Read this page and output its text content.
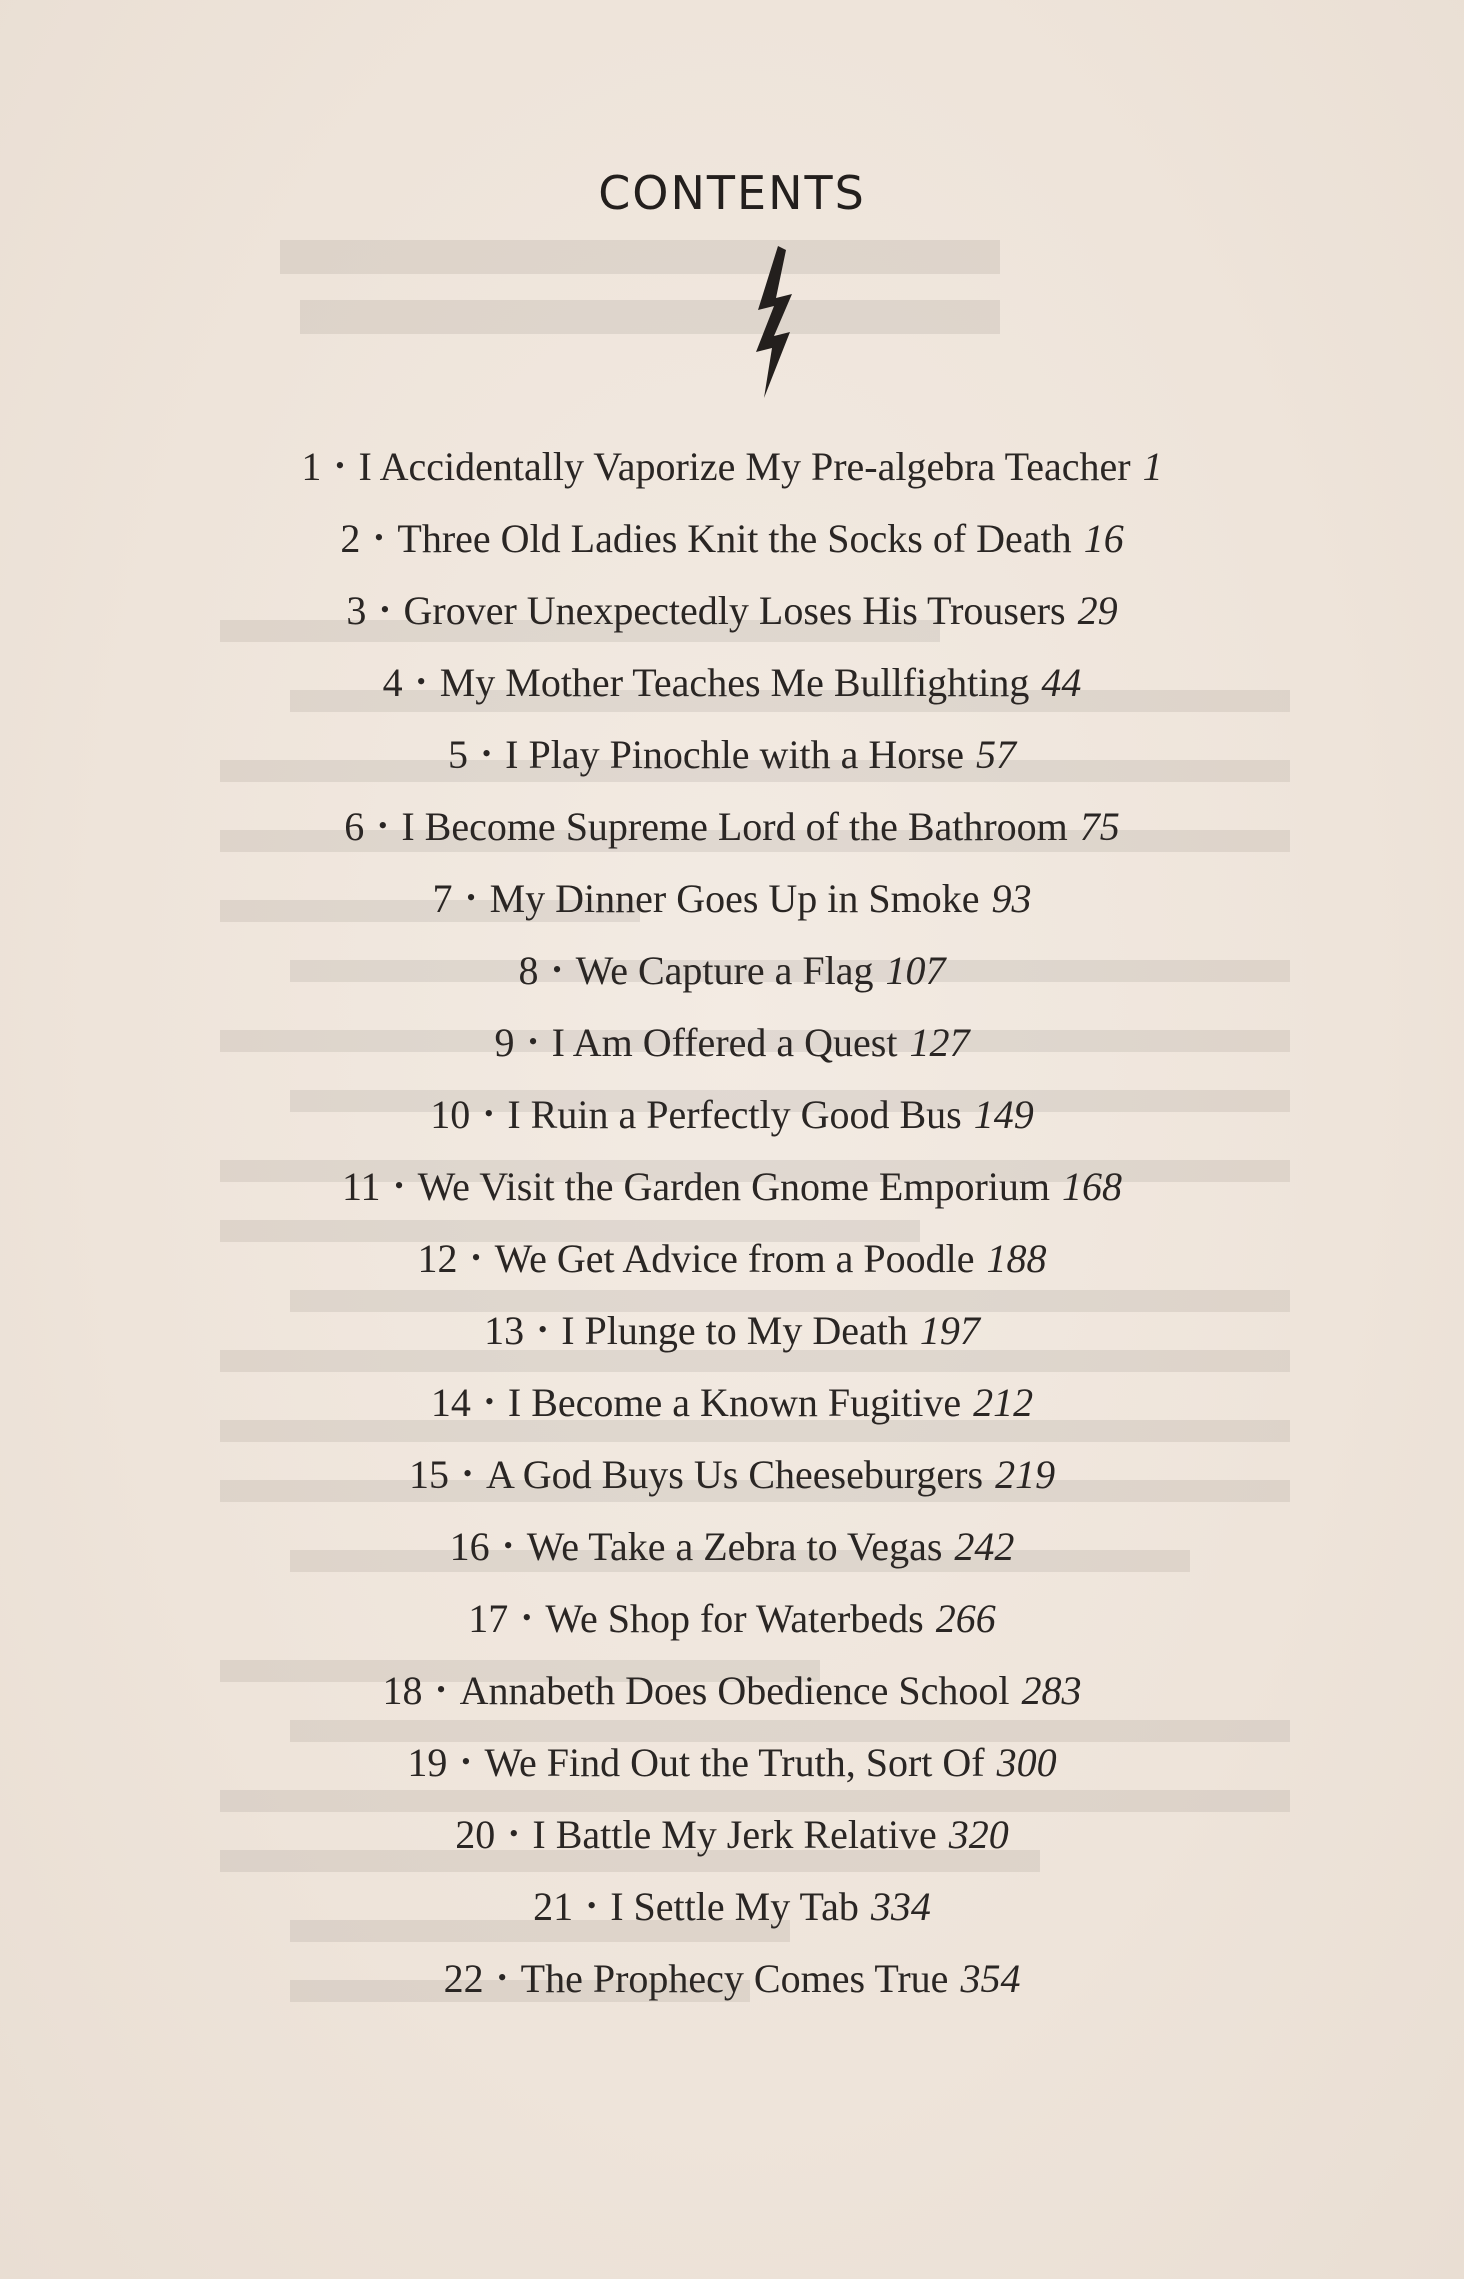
CONTENTS
1 • I Accidentally Vaporize My Pre-algebra Teacher 1
2 • Three Old Ladies Knit the Socks of Death 16
3 • Grover Unexpectedly Loses His Trousers 29
4 • My Mother Teaches Me Bullfighting 44
5 • I Play Pinochle with a Horse 57
6 • I Become Supreme Lord of the Bathroom 75
7 • My Dinner Goes Up in Smoke 93
8 • We Capture a Flag 107
9 • I Am Offered a Quest 127
10 • I Ruin a Perfectly Good Bus 149
11 • We Visit the Garden Gnome Emporium 168
12 • We Get Advice from a Poodle 188
13 • I Plunge to My Death 197
14 • I Become a Known Fugitive 212
15 • A God Buys Us Cheeseburgers 219
16 • We Take a Zebra to Vegas 242
17 • We Shop for Waterbeds 266
18 • Annabeth Does Obedience School 283
19 • We Find Out the Truth, Sort Of 300
20 • I Battle My Jerk Relative 320
21 • I Settle My Tab 334
22 • The Prophecy Comes True 354
